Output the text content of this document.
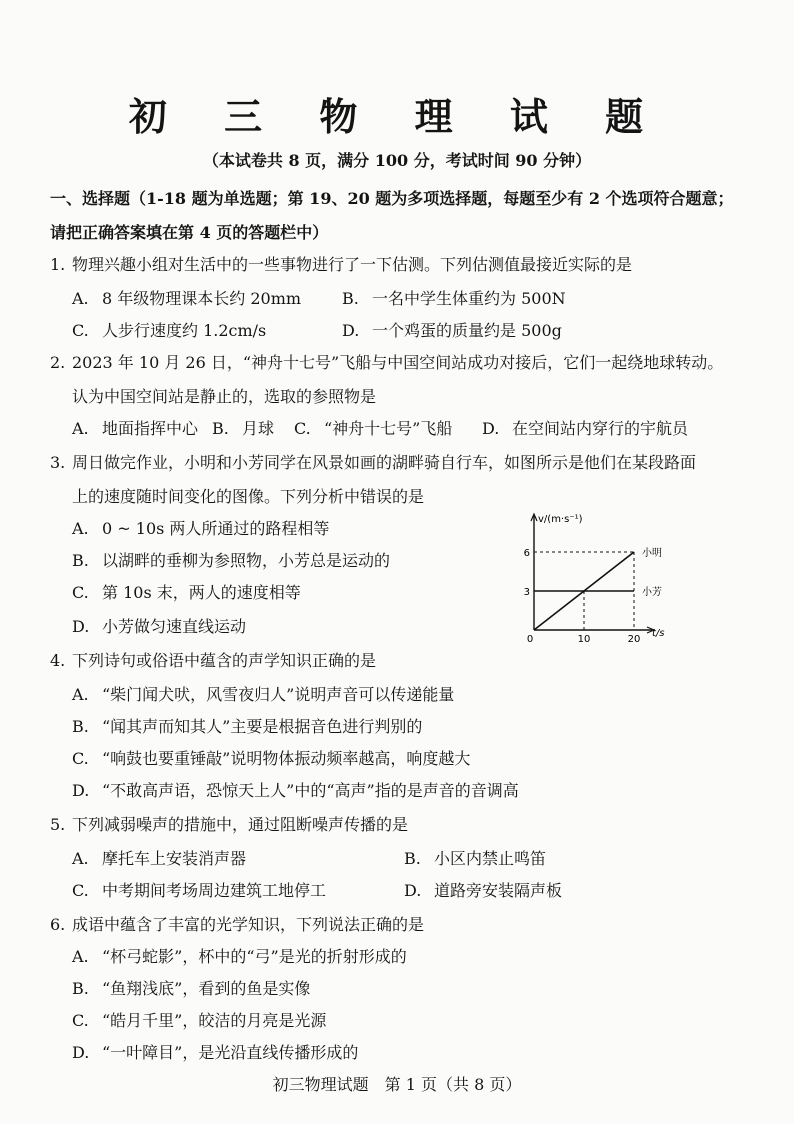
初 三 物 理 试 题
（本试卷共 8 页，满分 100 分，考试时间 90 分钟）
一、选择题（1-18 题为单选题；第 19、20 题为多项选择题，每题至少有 2 个选项符合题意；
请把正确答案填在第 4 页的答题栏中）
1. 物理兴趣小组对生活中的一些事物进行了一下估测。下列估测值最接近实际的是
A. 8 年级物理课本长约 20mm	B. 一名中学生体重约为 500N
C. 人步行速度约 1.2cm/s	D. 一个鸡蛋的质量约是 500g
2. 2023 年 10 月 26 日，“神舟十七号”飞船与中国空间站成功对接后，它们一起绕地球转动。
认为中国空间站是静止的，选取的参照物是
A. 地面指挥中心 B. 月球 C. “神舟十七号”飞船 D. 在空间站内穿行的宇航员
3. 周日做完作业，小明和小芳同学在风景如画的湖畔骑自行车，如图所示是他们在某段路面
上的速度随时间变化的图像。下列分析中错误的是
A. 0 ~ 10s 两人所通过的路程相等
B. 以湖畔的垂柳为参照物，小芳总是运动的
C. 第 10s 末，两人的速度相等
D. 小芳做匀速直线运动
v/(m·s⁻¹)
t/s
0	10	20
3
6	小明
小芳
4. 下列诗句或俗语中蕴含的声学知识正确的是
A. “柴门闻犬吠，风雪夜归人”说明声音可以传递能量
B. “闻其声而知其人”主要是根据音色进行判别的
C. “响鼓也要重锤敲”说明物体振动频率越高，响度越大
D. “不敢高声语，恐惊天上人”中的“高声”指的是声音的音调高
5. 下列减弱噪声的措施中，通过阻断噪声传播的是
A. 摩托车上安装消声器	B. 小区内禁止鸣笛
C. 中考期间考场周边建筑工地停工	D. 道路旁安装隔声板
6. 成语中蕴含了丰富的光学知识，下列说法正确的是
A. “杯弓蛇影”，杯中的“弓”是光的折射形成的
B. “鱼翔浅底”，看到的鱼是实像
C. “皓月千里”，皎洁的月亮是光源
D. “一叶障目”，是光沿直线传播形成的
初三物理试题　第 1 页（共 8 页）
